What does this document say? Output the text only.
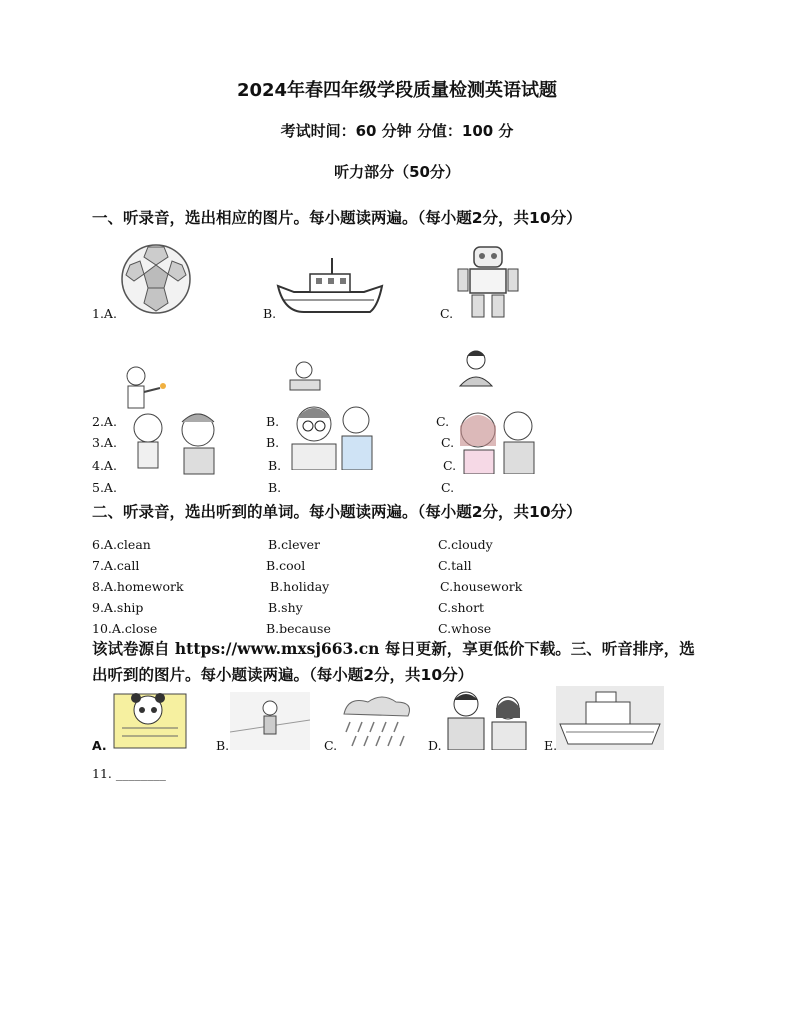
2024年春四年级学段质量检测英语试题
考试时间：60 分钟 分值：100 分
听力部分（50分）
一、听录音，选出相应的图片。每小题读两遍。（每小题2分，共10分）
1.A.	B.	C.
2.A.	B.	C.
3.A.	B.	C.
4.A.	B.	C.
5.A.	B.	C.
二、听录音，选出听到的单词。每小题读两遍。（每小题2分，共10分）
6.A.clean	B.clever	C.cloudy
7.A.call	B.cool	C.tall
8.A.homework	B.holiday	C.housework
9.A.ship	B.shy	C.short
10.A.close	B.because	C.whose
该试卷源自 https://www.mxsj663.cn 每日更新，享更低价下载。三、听音排序，选出听到的图片。每小题读两遍。（每小题2分，共10分）
A.	B.	C.	D.	E.
11. ________
